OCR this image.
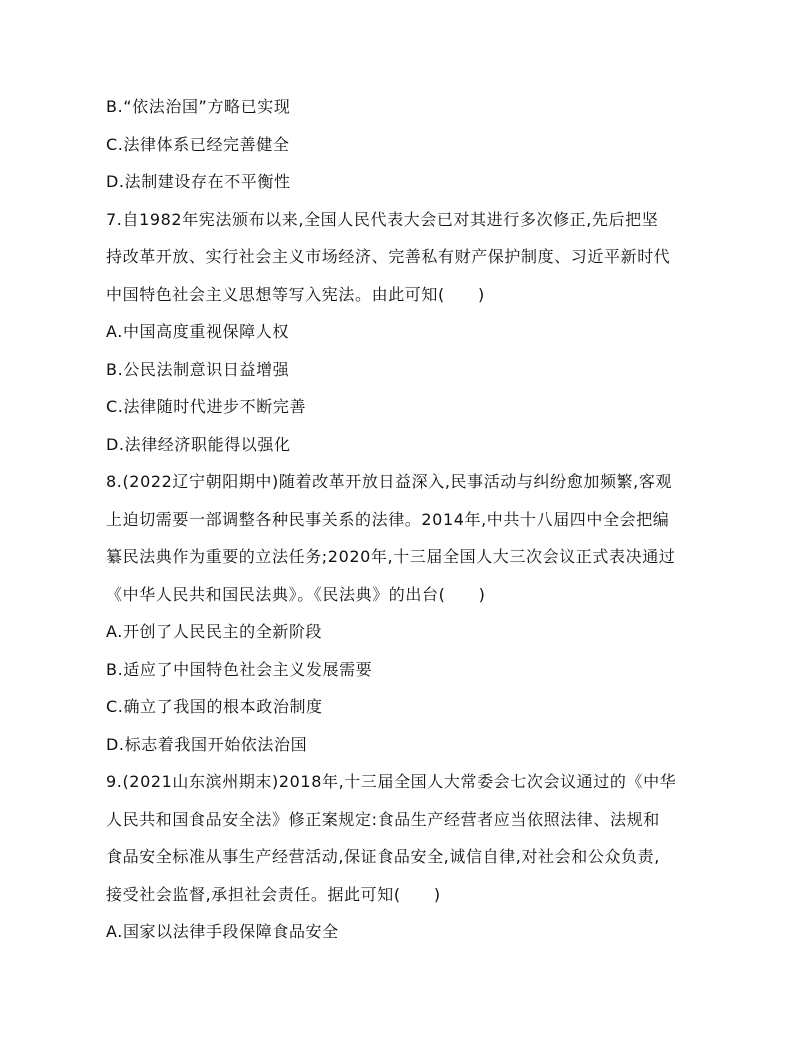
B.“依法治国”方略已实现
C.法律体系已经完善健全
D.法制建设存在不平衡性
7.自1982年宪法颁布以来,全国人民代表大会已对其进行多次修正,先后把坚
持改革开放、实行社会主义市场经济、完善私有财产保护制度、习近平新时代
中国特色社会主义思想等写入宪法。由此可知(　　)
A.中国高度重视保障人权
B.公民法制意识日益增强
C.法律随时代进步不断完善
D.法律经济职能得以强化
8.(2022辽宁朝阳期中)随着改革开放日益深入,民事活动与纠纷愈加频繁,客观
上迫切需要一部调整各种民事关系的法律。2014年,中共十八届四中全会把编
纂民法典作为重要的立法任务;2020年,十三届全国人大三次会议正式表决通过
《中华人民共和国民法典》。《民法典》的出台(　　)
A.开创了人民民主的全新阶段
B.适应了中国特色社会主义发展需要
C.确立了我国的根本政治制度
D.标志着我国开始依法治国
9.(2021山东滨州期末)2018年,十三届全国人大常委会七次会议通过的《中华
人民共和国食品安全法》修正案规定:食品生产经营者应当依照法律、法规和
食品安全标准从事生产经营活动,保证食品安全,诚信自律,对社会和公众负责,
接受社会监督,承担社会责任。据此可知(　　)
A.国家以法律手段保障食品安全
